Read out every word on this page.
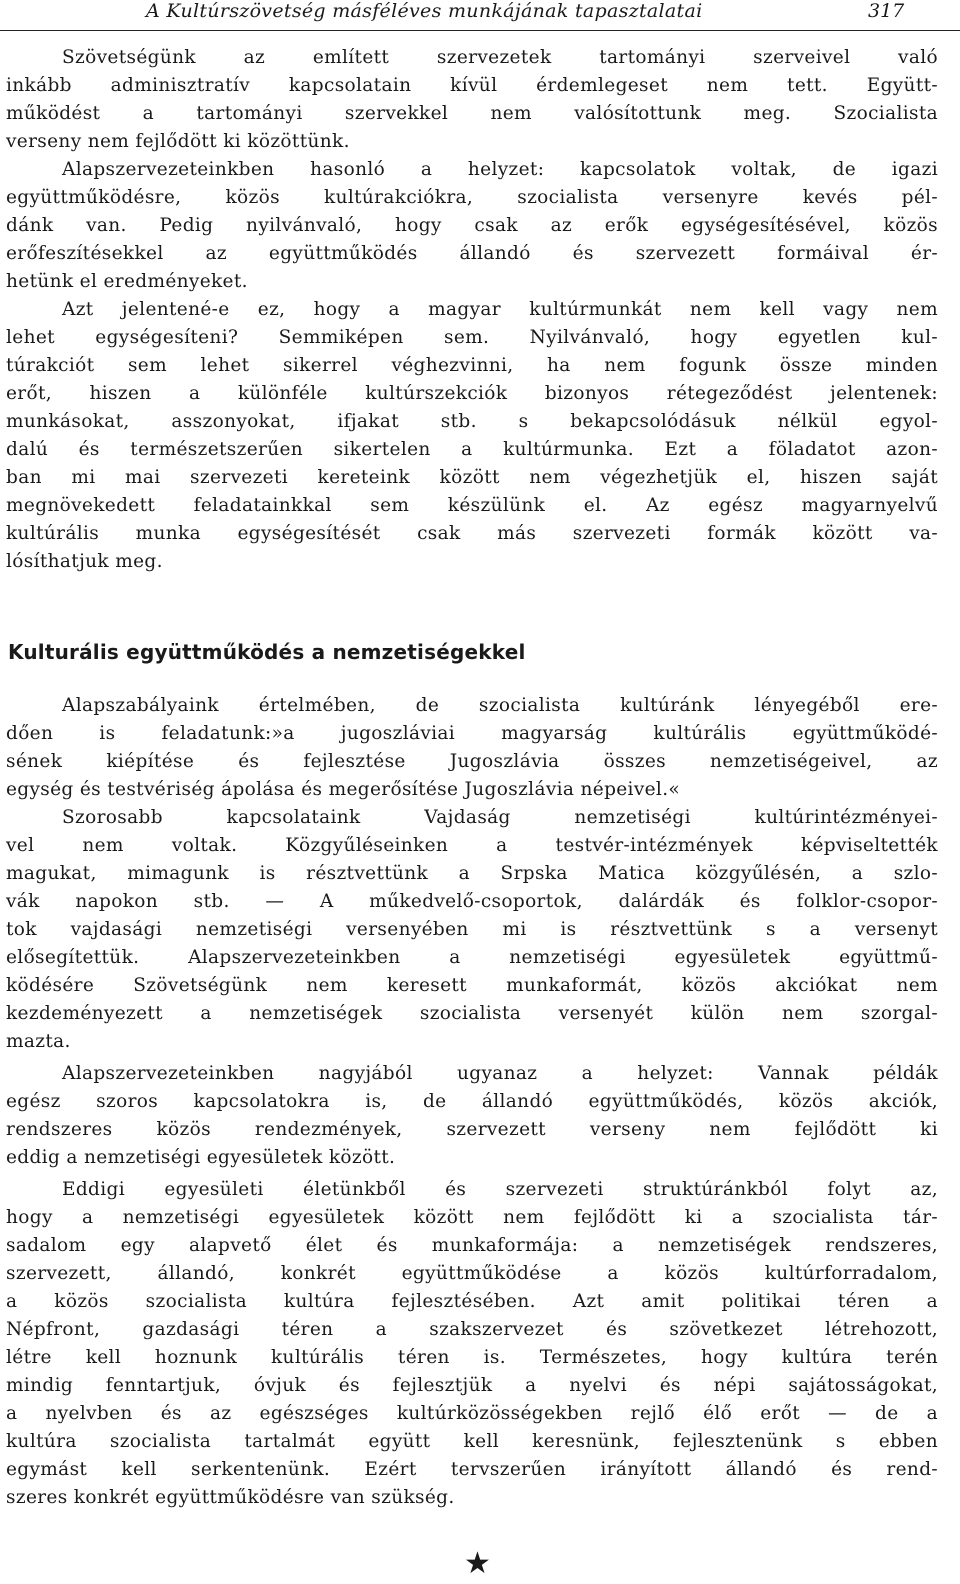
A Kultúrszövetség másféléves munkájának tapasztalatai	317

Szövetségünk az említett szervezetek tartományi szerveivel való

inkább adminisztratív kapcsolatain kívül érdemlegeset nem tett. Együtt-

működést a tartományi szervekkel nem valósítottunk meg. Szocialista

verseny nem fejlődött ki közöttünk.

Alapszervezeteinkben hasonló a helyzet: kapcsolatok voltak, de igazi

együttműködésre, közös kultúrakciókra, szocialista versenyre kevés pél-

dánk van. Pedig nyilvánvaló, hogy csak az erők egységesítésével, közös

erőfeszítésekkel az együttműködés állandó és szervezett formáival ér-

hetünk el eredményeket.

Azt jelentené-e ez, hogy a magyar kultúrmunkát nem kell vagy nem

lehet egységesíteni? Semmiképen sem. Nyilvánvaló, hogy egyetlen kul-

túrakciót sem lehet sikerrel véghezvinni, ha nem fogunk össze minden

erőt, hiszen a különféle kultúrszekciók bizonyos rétegeződést jelentenek:

munkásokat, asszonyokat, ifjakat stb. s bekapcsolódásuk nélkül egyol-

dalú és természetszerűen sikertelen a kultúrmunka. Ezt a föladatot azon-

ban mi mai szervezeti kereteink között nem végezhetjük el, hiszen saját

megnövekedett feladatainkkal sem készülünk el. Az egész magyarnyelvű

kultúrális munka egységesítését csak más szervezeti formák között va-

lósíthatjuk meg.

Kulturális együttműködés a nemzetiségekkel

Alapszabályaink értelmében, de szocialista kultúránk lényegéből ere-

dően is feladatunk:»a jugoszláviai magyarság kultúrális együttműködé-

sének kiépítése és fejlesztése Jugoszlávia összes nemzetiségeivel, az

egység és testvériség ápolása és megerősítése Jugoszlávia népeivel.«

Szorosabb kapcsolataink Vajdaság nemzetiségi kultúrintézményei-

vel nem voltak. Közgyűléseinken a testvér-intézmények képviseltették

magukat, mimagunk is résztvettünk a Srpska Matica közgyűlésén, a szlo-

vák napokon stb. — A műkedvelő-csoportok, dalárdák és folklor-csopor-

tok vajdasági nemzetiségi versenyében mi is résztvettünk s a versenyt

elősegítettük. Alapszervezeteinkben a nemzetiségi egyesületek együttmű-

ködésére Szövetségünk nem keresett munkaformát, közös akciókat nem

kezdeményezett a nemzetiségek szocialista versenyét külön nem szorgal-

mazta.

Alapszervezeteinkben nagyjából ugyanaz a helyzet: Vannak példák

egész szoros kapcsolatokra is, de állandó együttműködés, közös akciók,

rendszeres közös rendezmények, szervezett verseny nem fejlődött ki

eddig a nemzetiségi egyesületek között.

Eddigi egyesületi életünkből és szervezeti struktúránkból folyt az,

hogy a nemzetiségi egyesületek között nem fejlődött ki a szocialista tár-

sadalom egy alapvető élet és munkaformája: a nemzetiségek rendszeres,

szervezett, állandó, konkrét együttműködése a közös kultúrforradalom,

a közös szocialista kultúra fejlesztésében. Azt amit politikai téren a

Népfront, gazdasági téren a szakszervezet és szövetkezet létrehozott,

létre kell hoznunk kultúrális téren is. Természetes, hogy kultúra terén

mindig fenntartjuk, óvjuk és fejlesztjük a nyelvi és népi sajátosságokat,

a nyelvben és az egészséges kultúrközösségekben rejlő élő erőt — de a

kultúra szocialista tartalmát együtt kell keresnünk, fejlesztenünk s ebben

egymást kell serkentenünk. Ezért tervszerűen irányított állandó és rend-

szeres konkrét együttműködésre van szükség.

★
